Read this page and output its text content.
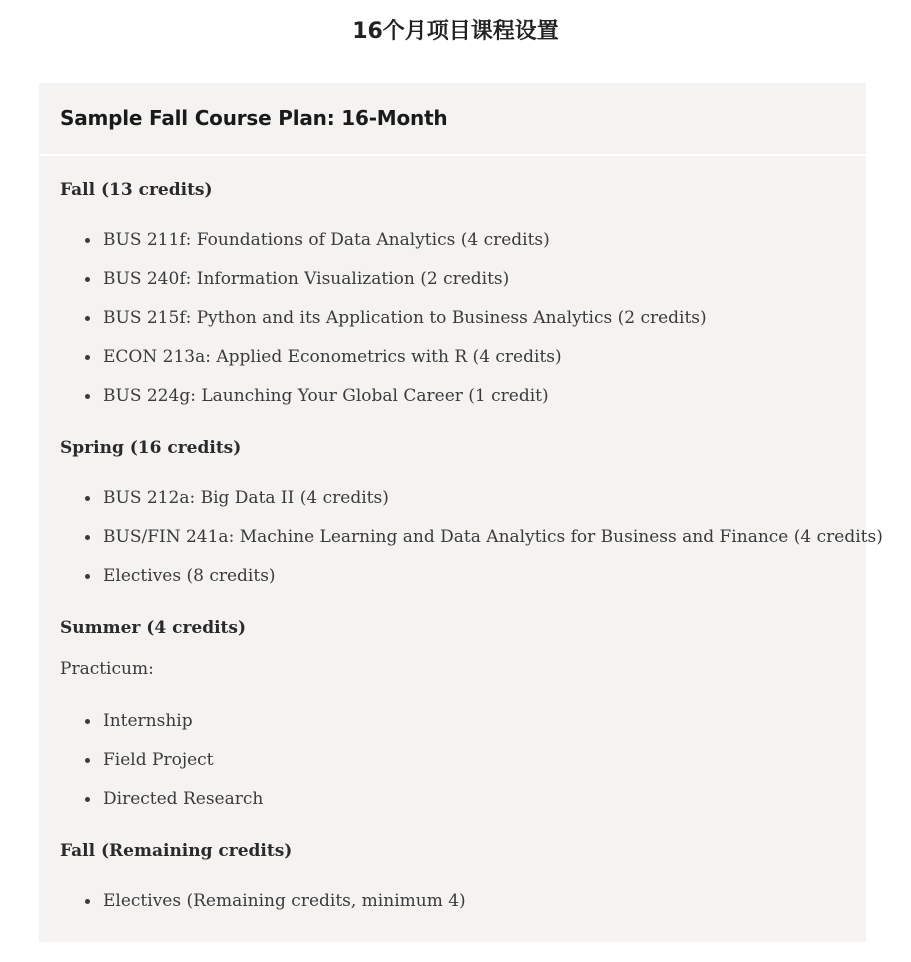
16个月项目课程设置
Sample Fall Course Plan: 16-Month

Fall (13 credits)

BUS 211f: Foundations of Data Analytics (4 credits)
BUS 240f: Information Visualization (2 credits)
BUS 215f: Python and its Application to Business Analytics (2 credits)
ECON 213a: Applied Econometrics with R (4 credits)
BUS 224g: Launching Your Global Career (1 credit)

Spring (16 credits)

BUS 212a: Big Data II (4 credits)
BUS/FIN 241a: Machine Learning and Data Analytics for Business and Finance (4 credits)
Electives (8 credits)

Summer (4 credits)

Practicum:

Internship
Field Project
Directed Research

Fall (Remaining credits)

Electives (Remaining credits, minimum 4)
